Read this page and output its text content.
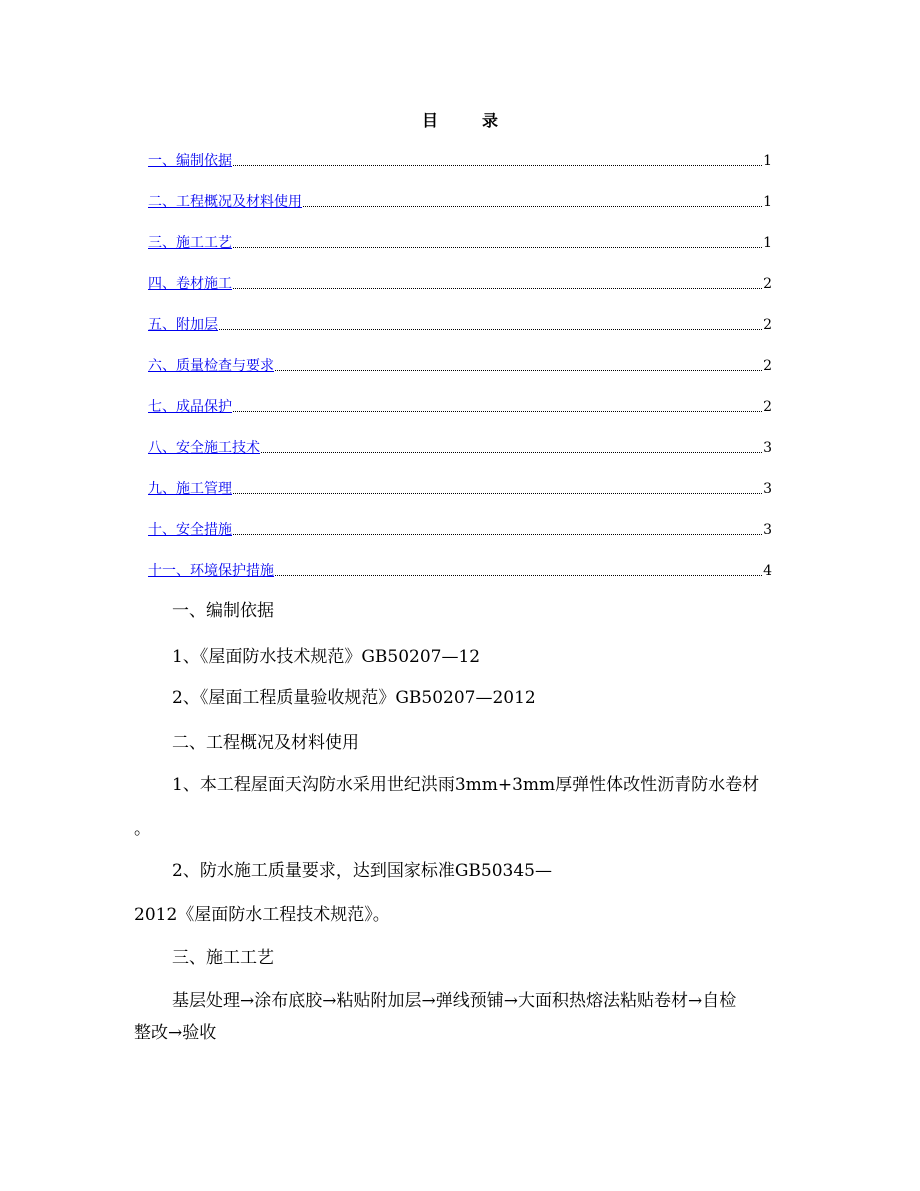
目　录
一、编制依据	1
二、工程概况及材料使用	1
三、施工工艺	1
四、卷材施工	2
五、附加层	2
六、质量检查与要求	2
七、成品保护	2
八、安全施工技术	3
九、施工管理	3
十、安全措施	3
十一、环境保护措施	4
一、编制依据
1、《屋面防水技术规范》GB50207—12
2、《屋面工程质量验收规范》GB50207—2012
二、工程概况及材料使用
1、本工程屋面天沟防水采用世纪洪雨3mm+3mm厚弹性体改性沥青防水卷材
。
2、防水施工质量要求，达到国家标准GB50345—
2012《屋面防水工程技术规范》。
三、施工工艺
基层处理→涂布底胶→粘贴附加层→弹线预铺→大面积热熔法粘贴卷材→自检
整改→验收
